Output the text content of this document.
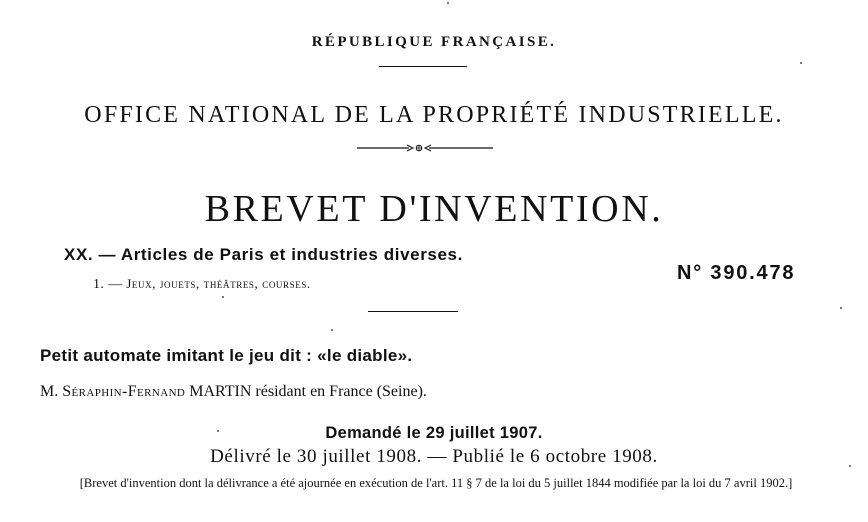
RÉPUBLIQUE FRANÇAISE.
OFFICE NATIONAL DE LA PROPRIÉTÉ INDUSTRIELLE.
BREVET D'INVENTION.
XX. — Articles de Paris et industries diverses.
1. — Jeux, jouets, théâtres, courses.	N° 390.478
Petit automate imitant le jeu dit : «le diable».
M. Séraphin-Fernand MARTIN résidant en France (Seine).
Demandé le 29 juillet 1907.
Délivré le 30 juillet 1908. — Publié le 6 octobre 1908.
[Brevet d'invention dont la délivrance a été ajournée en exécution de l'art. 11 § 7 de la loi du 5 juillet 1844 modifiée par la loi du 7 avril 1902.]
